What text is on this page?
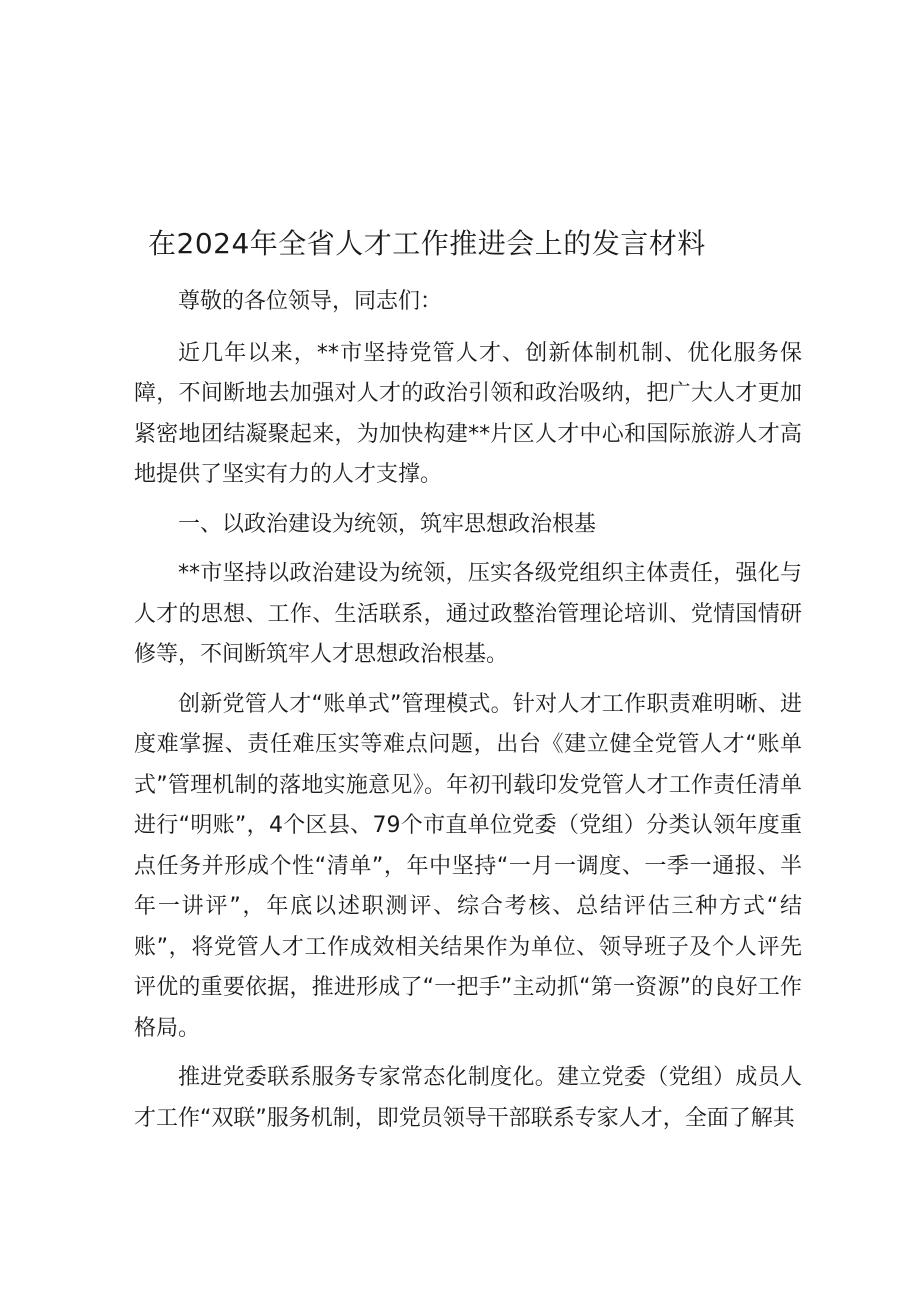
在2024年全省人才工作推进会上的发言材料

尊敬的各位领导，同志们：

近几年以来，**市坚持党管人才、创新体制机制、优化服务保障，不间断地去加强对人才的政治引领和政治吸纳，把广大人才更加紧密地团结凝聚起来，为加快构建**片区人才中心和国际旅游人才高地提供了坚实有力的人才支撑。

一、以政治建设为统领，筑牢思想政治根基

**市坚持以政治建设为统领，压实各级党组织主体责任，强化与人才的思想、工作、生活联系，通过政整治管理论培训、党情国情研修等，不间断筑牢人才思想政治根基。

创新党管人才“账单式”管理模式。针对人才工作职责难明晰、进度难掌握、责任难压实等难点问题，出台《建立健全党管人才“账单式”管理机制的落地实施意见》。年初刊载印发党管人才工作责任清单进行“明账”，4个区县、79个市直单位党委（党组）分类认领年度重点任务并形成个性“清单”，年中坚持“一月一调度、一季一通报、半年一讲评”，年底以述职测评、综合考核、总结评估三种方式“结账”，将党管人才工作成效相关结果作为单位、领导班子及个人评先评优的重要依据，推进形成了“一把手”主动抓“第一资源”的良好工作格局。

推进党委联系服务专家常态化制度化。建立党委（党组）成员人才工作“双联”服务机制，即党员领导干部联系专家人才，全面了解其
